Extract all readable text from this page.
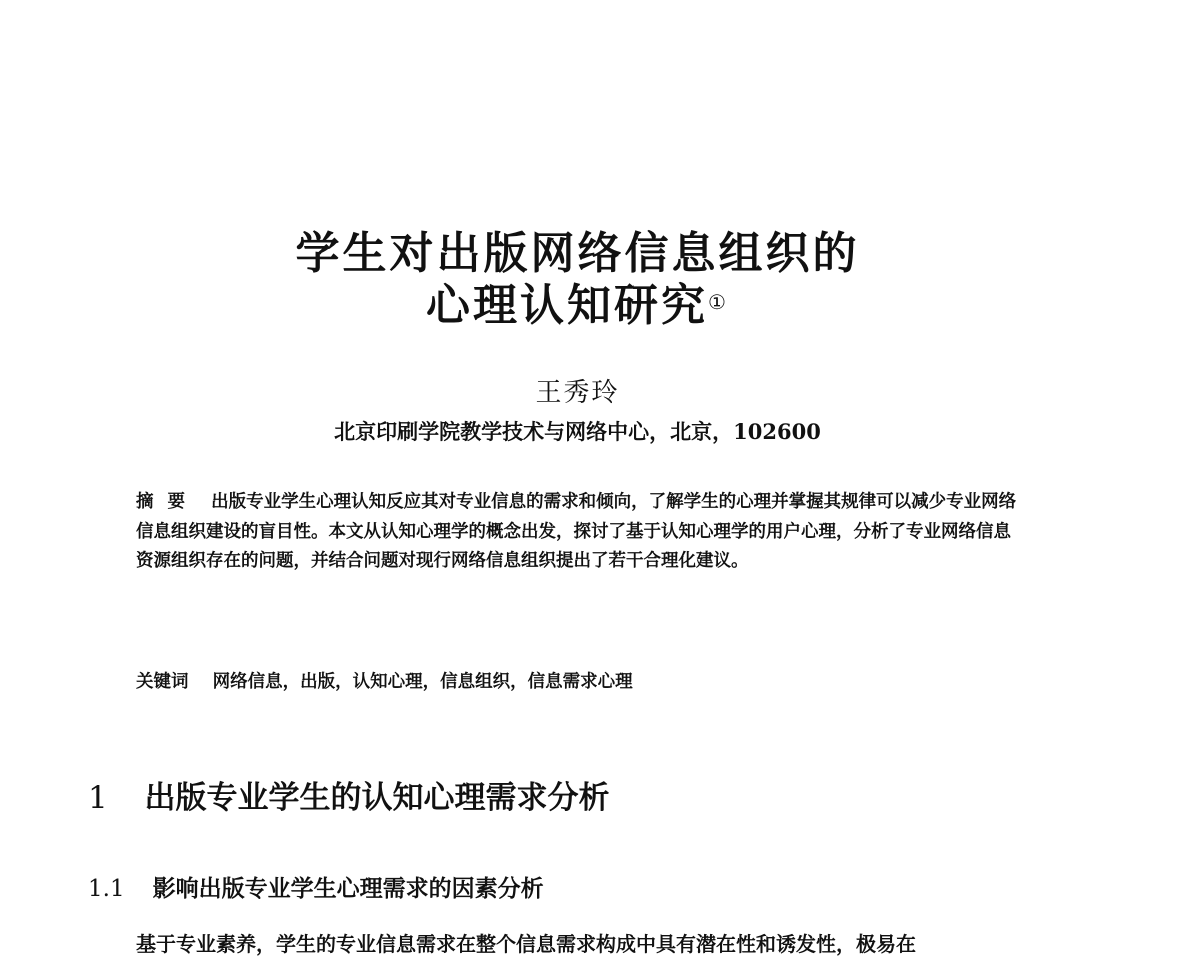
学生对出版网络信息组织的
心理认知研究①
王秀玲
北京印刷学院教学技术与网络中心，北京，102600
摘要 出版专业学生心理认知反应其对专业信息的需求和倾向，了解学生的心理并掌握其规律可以减少专业网络信息组织建设的盲目性。本文从认知心理学的概念出发，探讨了基于认知心理学的用户心理，分析了专业网络信息资源组织存在的问题，并结合问题对现行网络信息组织提出了若干合理化建议。
关键词 网络信息，出版，认知心理，信息组织，信息需求心理
1 出版专业学生的认知心理需求分析
1.1 影响出版专业学生心理需求的因素分析
基于专业素养，学生的专业信息需求在整个信息需求构成中具有潜在性和诱发性，极易在
